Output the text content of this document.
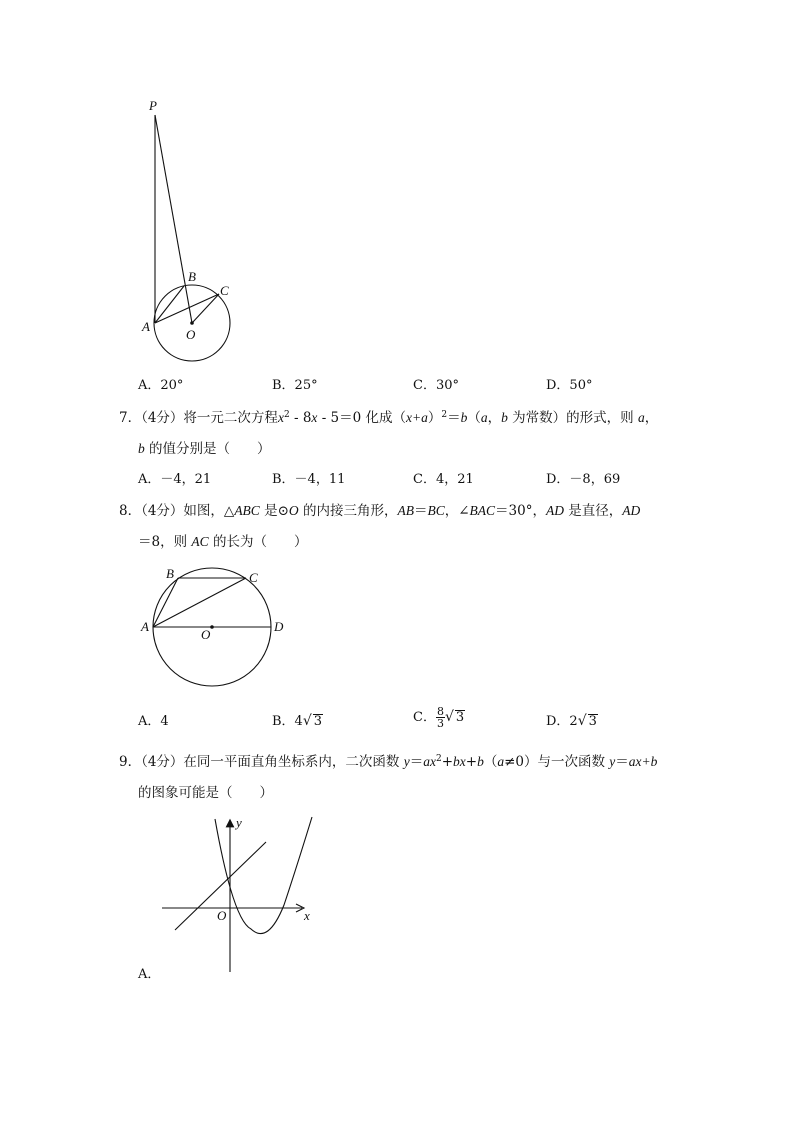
P
B
C
A
O
A．20°	B．25°	C．30°	D．50°
7．（4分）将一元二次方程$x^2 - 8x - 5=0$ 化成$(x+a)^2=b(a$，b 为常数）的形式，则 a，
b 的值分别是（　　）
A．－4，21	B．－4，11	C．4，21	D．－8，69
8．（4分）如图，△ABC 是⊙O 的内接三角形，AB＝BC，∠BAC＝30°，AD 是直径，AD
＝8，则 AC 的长为（　　）
B	C
A
O
D
A．4	B．4√ 3	C． $\frac{8}{3}$ √ 3	D．2√ 3
9．（4分）在同一平面直角坐标系内，二次函数 $y=ax^2+bx+b(a\ne 0)$与一次函数 y＝ax+b
的图象可能是（　　）
y
O	x
A．
